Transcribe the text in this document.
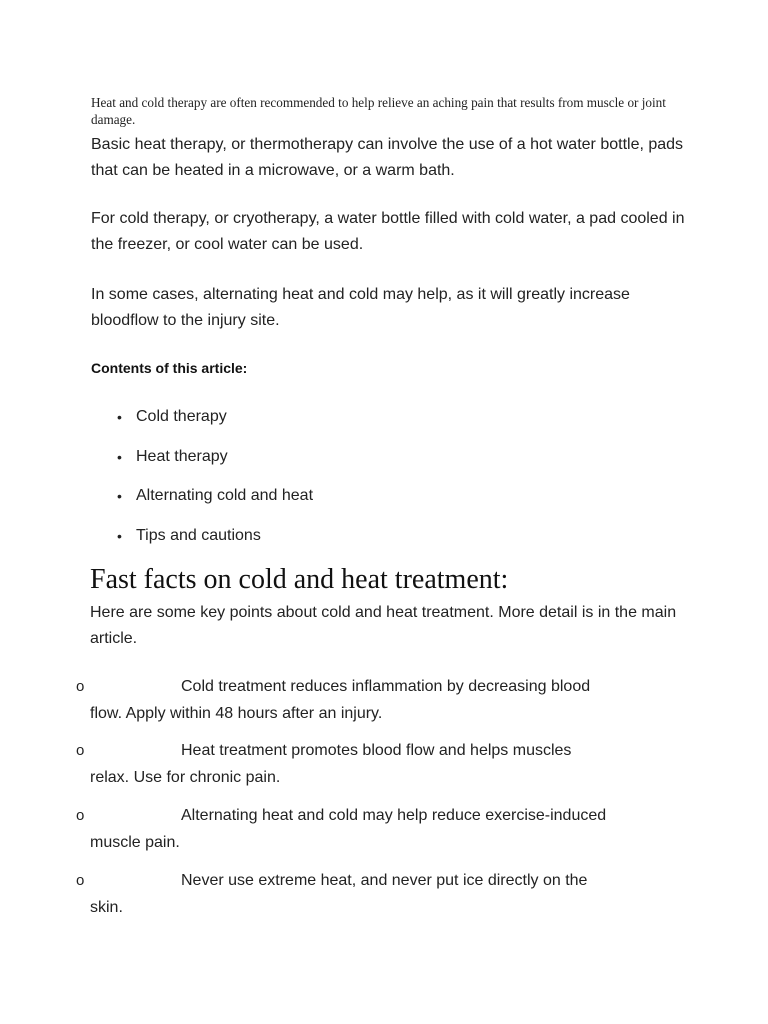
Heat and cold therapy are often recommended to help relieve an aching pain that results from muscle or joint damage.
Basic heat therapy, or thermotherapy can involve the use of a hot water bottle, pads that can be heated in a microwave, or a warm bath.
For cold therapy, or cryotherapy, a water bottle filled with cold water, a pad cooled in the freezer, or cool water can be used.
In some cases, alternating heat and cold may help, as it will greatly increase bloodflow to the injury site.
Contents of this article:
• Cold therapy
• Heat therapy
• Alternating cold and heat
• Tips and cautions
Fast facts on cold and heat treatment:
Here are some key points about cold and heat treatment. More detail is in the main article.
o	Cold treatment reduces inflammation by decreasing blood
flow. Apply within 48 hours after an injury.
o	Heat treatment promotes blood flow and helps muscles
relax. Use for chronic pain.
o	Alternating heat and cold may help reduce exercise-induced
muscle pain.
o	Never use extreme heat, and never put ice directly on the
skin.
